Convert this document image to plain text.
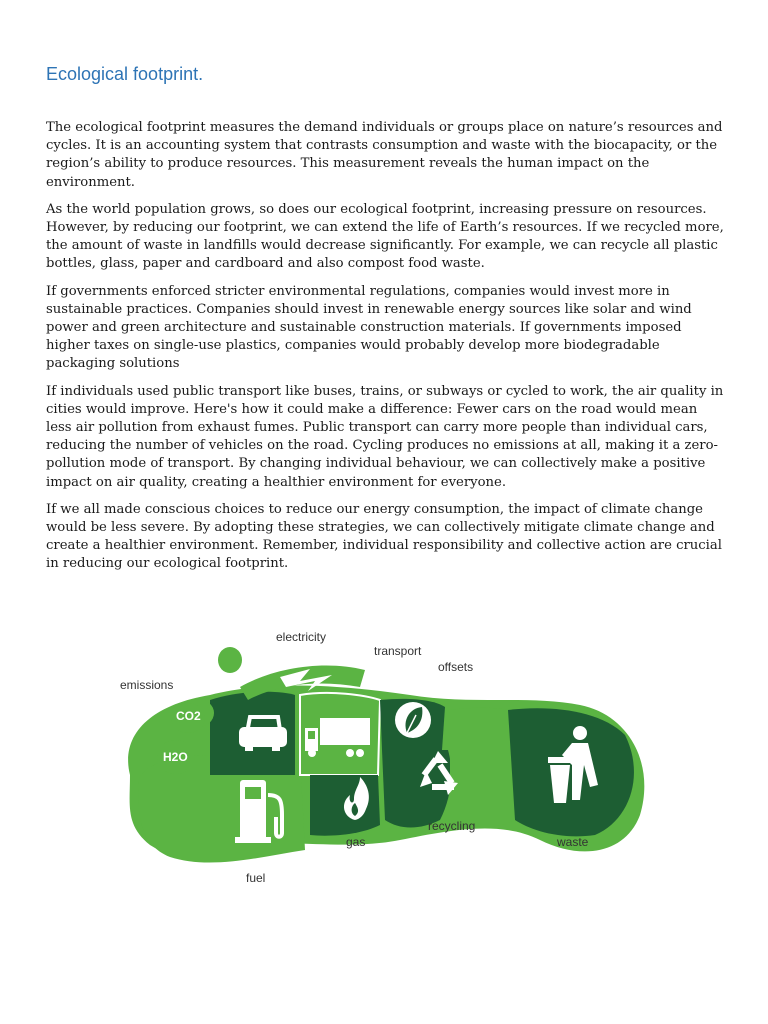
Ecological footprint.

The ecological footprint measures the demand individuals or groups place on nature’s resources and cycles. It is an accounting system that contrasts consumption and waste with the biocapacity, or the region’s ability to produce resources. This measurement reveals the human impact on the environment.

As the world population grows, so does our ecological footprint, increasing pressure on resources. However, by reducing our footprint, we can extend the life of Earth’s resources. If we recycled more, the amount of waste in landfills would decrease significantly. For example, we can recycle all plastic bottles, glass, paper and cardboard and also compost food waste.

If governments enforced stricter environmental regulations, companies would invest more in sustainable practices. Companies should invest in renewable energy sources like solar and wind power and green architecture and sustainable construction materials. If governments imposed higher taxes on single-use plastics, companies would probably develop more biodegradable packaging solutions

If individuals used public transport like buses, trains, or subways or cycled to work, the air quality in cities would improve. Here's how it could make a difference: Fewer cars on the road would mean less air pollution from exhaust fumes. Public transport can carry more people than individual cars, reducing the number of vehicles on the road. Cycling produces no emissions at all, making it a zero-pollution mode of transport. By changing individual behaviour, we can collectively make a positive impact on air quality, creating a healthier environment for everyone.

If we all made conscious choices to reduce our energy consumption, the impact of climate change would be less severe. By adopting these strategies, we can collectively mitigate climate change and create a healthier environment. Remember, individual responsibility and collective action are crucial in reducing our ecological footprint.

electricity
transport
offsets
emissions
CO2
H2O
fuel
gas
recycling
waste
